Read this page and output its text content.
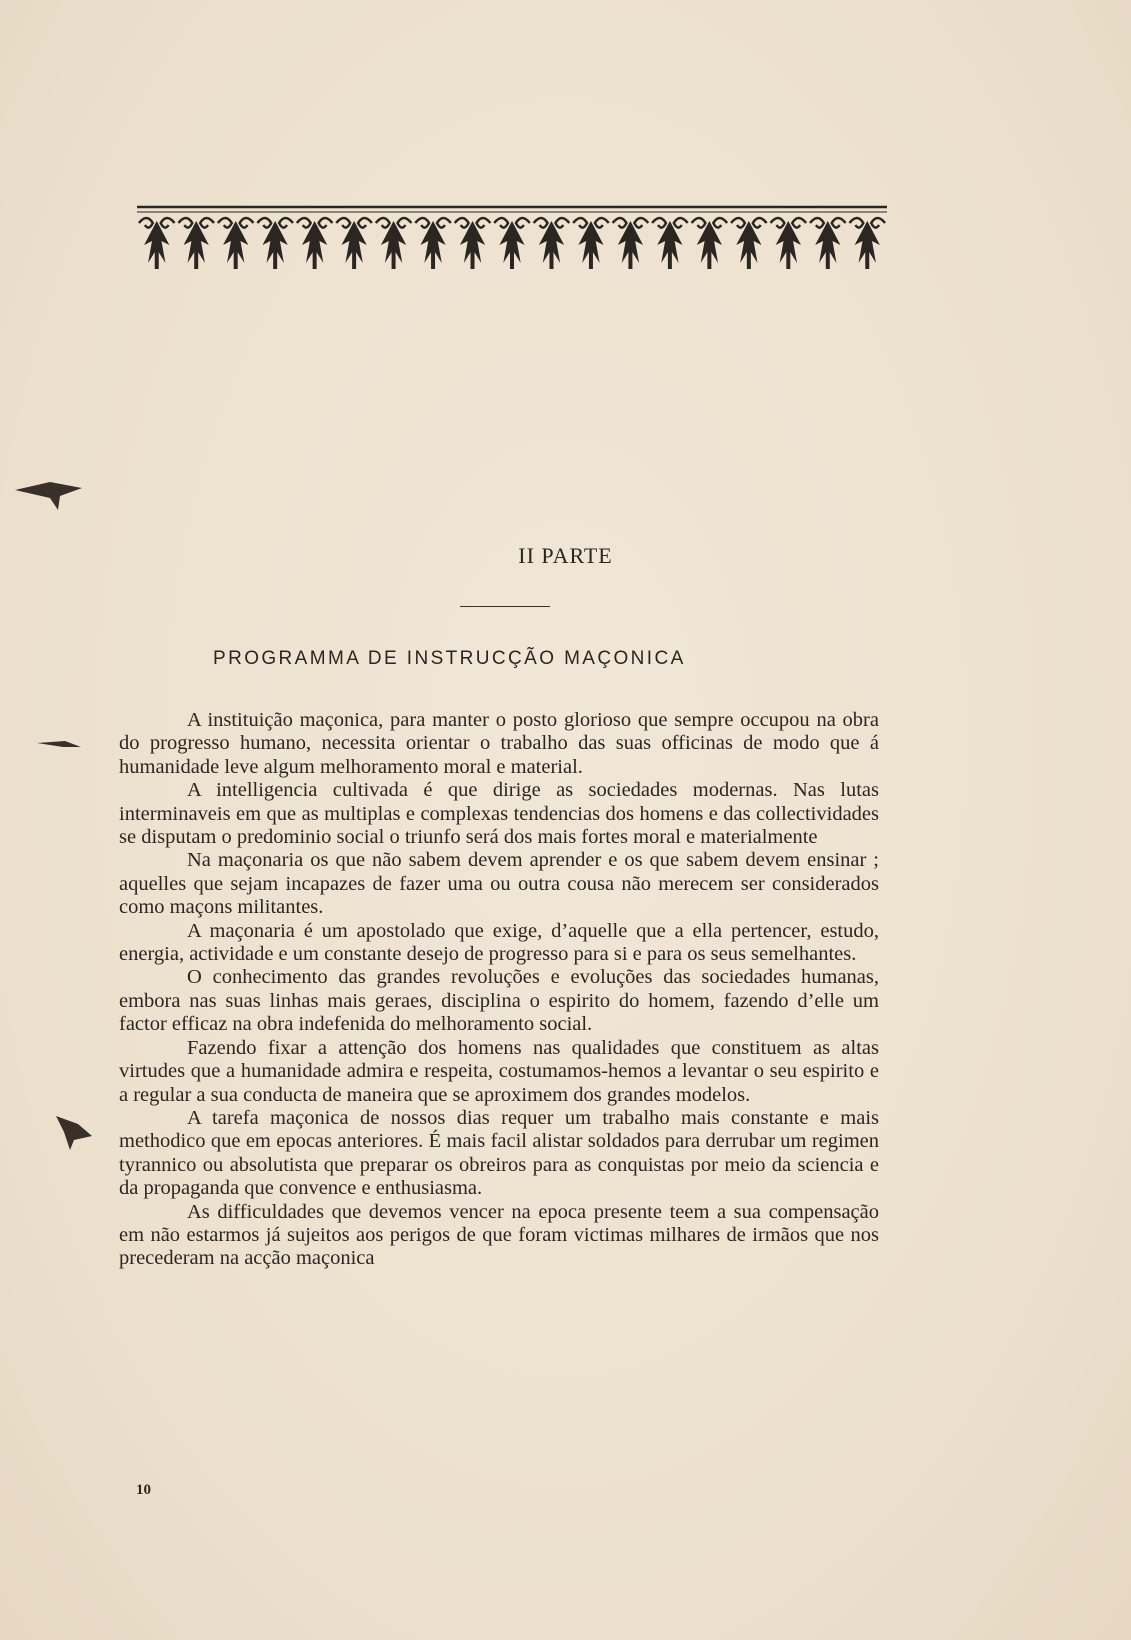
II PARTE
PROGRAMMA DE INSTRUCÇÃO MAÇONICA

A instituição maçonica, para manter o posto glorioso que sempre occupou na obra do progresso humano, necessita orientar o trabalho das suas officinas de modo que á humanidade leve algum melhoramento moral e material.

A intelligencia cultivada é que dirige as sociedades modernas. Nas lutas interminaveis em que as multiplas e complexas tendencias dos homens e das collectividades se disputam o predominio social o triunfo será dos mais fortes moral e materialmente

Na maçonaria os que não sabem devem aprender e os que sabem devem ensinar ; aquelles que sejam incapazes de fazer uma ou outra cousa não merecem ser considerados como maçons militantes.

A maçonaria é um apostolado que exige, d’aquelle que a ella pertencer, estudo, energia, actividade e um constante desejo de progresso para si e para os seus semelhantes.

O conhecimento das grandes revoluções e evoluções das sociedades humanas, embora nas suas linhas mais geraes, disciplina o espirito do homem, fazendo d’elle um factor efficaz na obra indefenida do melhoramento social.

Fazendo fixar a attenção dos homens nas qualidades que constituem as altas virtudes que a humanidade admira e respeita, costumamos-hemos a levantar o seu espirito e a regular a sua conducta de maneira que se aproximem dos grandes modelos.

A tarefa maçonica de nossos dias requer um trabalho mais constante e mais methodico que em epocas anteriores. É mais facil alistar soldados para derrubar um regimen tyrannico ou absolutista que preparar os obreiros para as conquistas por meio da sciencia e da propaganda que convence e enthusiasma.

As difficuldades que devemos vencer na epoca presente teem a sua compensação em não estarmos já sujeitos aos perigos de que foram victimas milhares de irmãos que nos precederam na acção maçonica

10
